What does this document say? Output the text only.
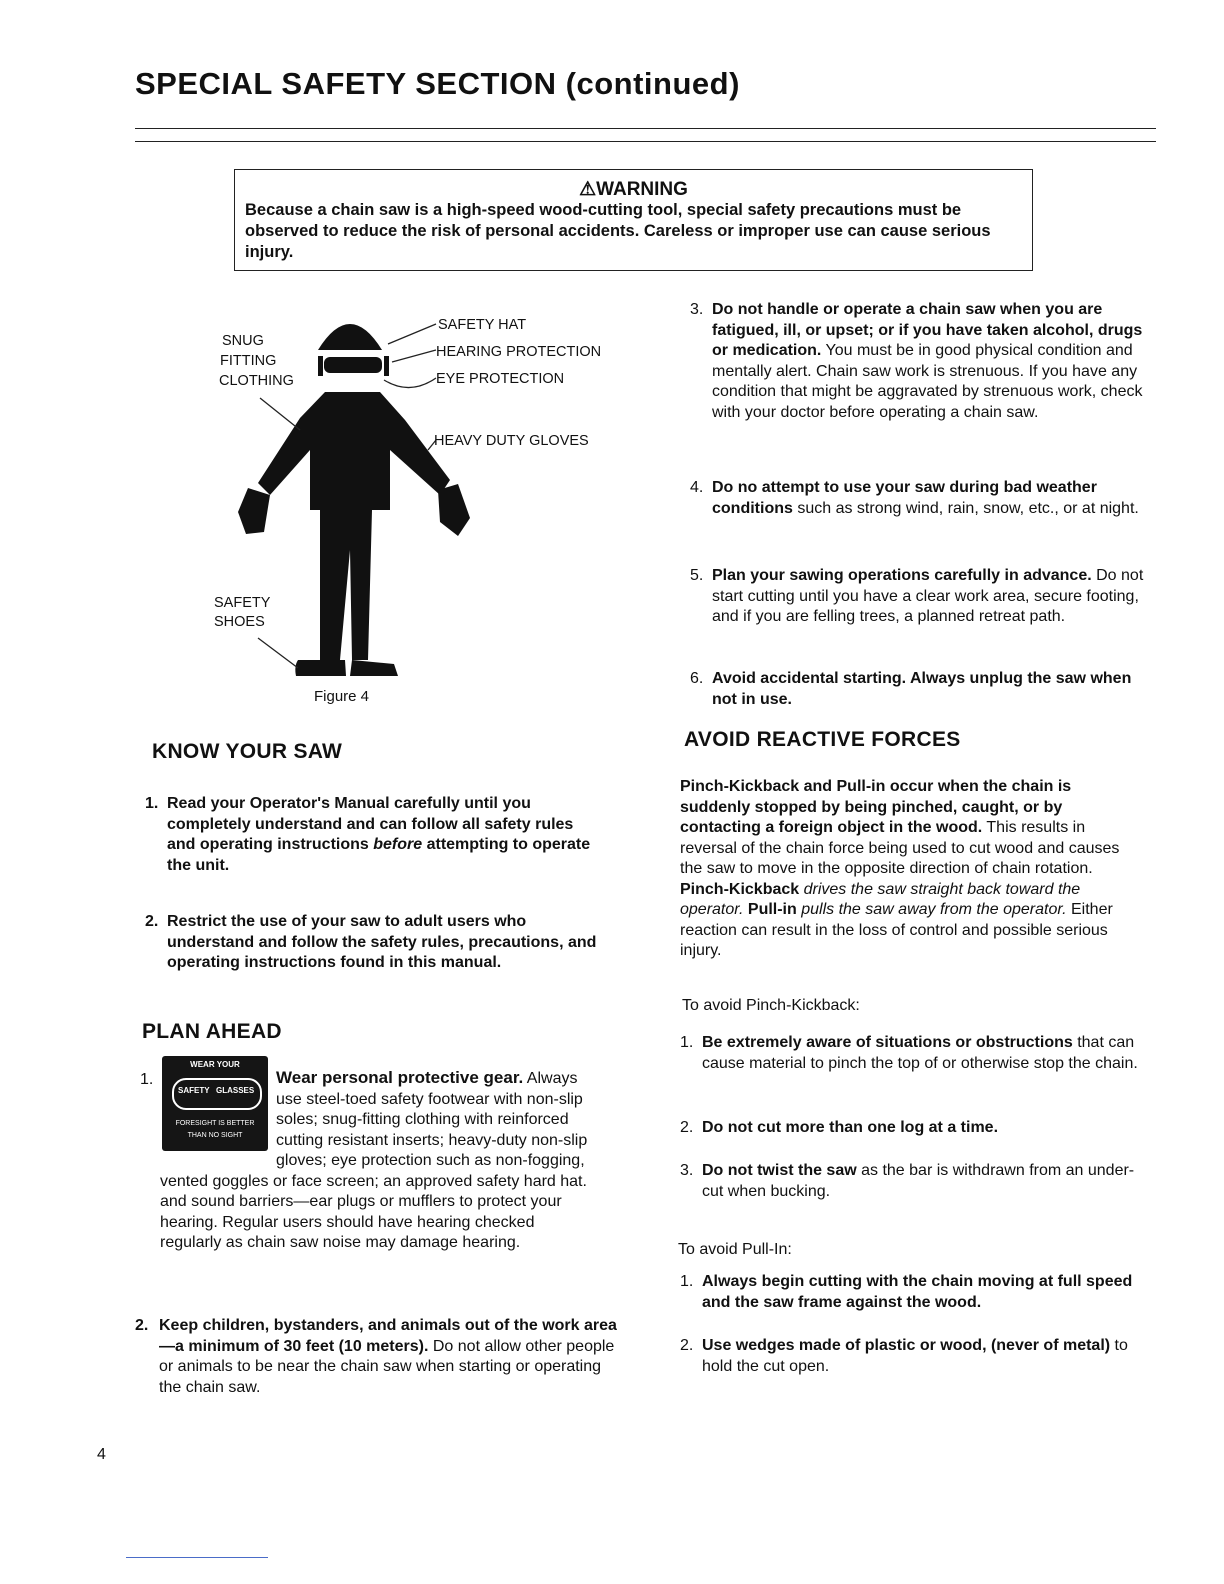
SPECIAL SAFETY SECTION (continued)
⚠WARNING
Because a chain saw is a high-speed wood-cutting tool, special safety precautions must be observed to reduce the risk of personal accidents. Careless or improper use can cause serious injury.
SNUG
FITTING
CLOTHING
SAFETY HAT
HEARING PROTECTION
EYE PROTECTION
HEAVY DUTY GLOVES
SAFETY
SHOES
Figure 4
KNOW YOUR SAW
1. Read your Operator's Manual carefully until you completely understand and can follow all safety rules and operating instructions before attempting to operate the unit.
2. Restrict the use of your saw to adult users who understand and follow the safety rules, precautions, and operating instructions found in this manual.
PLAN AHEAD
1.
WEAR YOUR
SAFETY GLASSES
FORESIGHT IS BETTER
THAN NO SIGHT
Wear personal protective gear. Always use steel-toed safety footwear with non-slip soles; snug-fitting clothing with reinforced cutting resistant inserts; heavy-duty non-slip gloves; eye protection such as non-fogging, vented goggles or face screen; an approved safety hard hat. and sound barriers—ear plugs or mufflers to protect your hearing. Regular users should have hearing checked regularly as chain saw noise may damage hearing.
2. Keep children, bystanders, and animals out of the work area—a minimum of 30 feet (10 meters). Do not allow other people or animals to be near the chain saw when starting or operating the chain saw.
3. Do not handle or operate a chain saw when you are fatigued, ill, or upset; or if you have taken alcohol, drugs or medication. You must be in good physical condition and mentally alert. Chain saw work is strenuous. If you have any condition that might be aggravated by strenuous work, check with your doctor before operating a chain saw.
4. Do no attempt to use your saw during bad weather conditions such as strong wind, rain, snow, etc., or at night.
5. Plan your sawing operations carefully in advance. Do not start cutting until you have a clear work area, secure footing, and if you are felling trees, a planned retreat path.
6. Avoid accidental starting. Always unplug the saw when not in use.
AVOID REACTIVE FORCES
Pinch-Kickback and Pull-in occur when the chain is suddenly stopped by being pinched, caught, or by contacting a foreign object in the wood. This results in reversal of the chain force being used to cut wood and causes the saw to move in the opposite direction of chain rotation. Pinch-Kickback drives the saw straight back toward the operator. Pull-in pulls the saw away from the operator. Either reaction can result in the loss of control and possible serious injury.
To avoid Pinch-Kickback:
1. Be extremely aware of situations or obstructions that can cause material to pinch the top of or otherwise stop the chain.
2. Do not cut more than one log at a time.
3. Do not twist the saw as the bar is withdrawn from an under-cut when bucking.
To avoid Pull-In:
1. Always begin cutting with the chain moving at full speed and the saw frame against the wood.
2. Use wedges made of plastic or wood, (never of metal) to hold the cut open.
4
